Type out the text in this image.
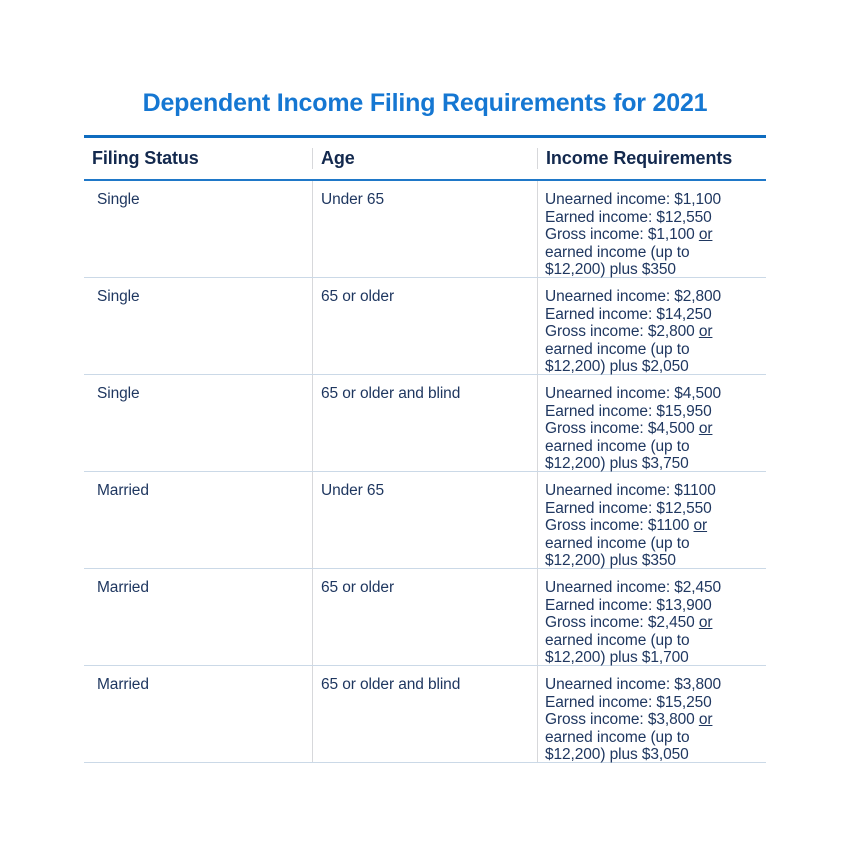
Dependent Income Filing Requirements for 2021
Filing Status	Age	Income Requirements
Single	Under 65	Unearned income: $1,100
Earned income: $12,550
Gross income: $1,100 or earned income (up to $12,200) plus $350
Single	65 or older	Unearned income: $2,800
Earned income: $14,250
Gross income: $2,800 or earned income (up to $12,200) plus $2,050
Single	65 or older and blind	Unearned income: $4,500
Earned income: $15,950
Gross income: $4,500 or earned income (up to $12,200) plus $3,750
Married	Under 65	Unearned income: $1100
Earned income: $12,550
Gross income: $1100 or earned income (up to $12,200) plus $350
Married	65 or older	Unearned income: $2,450
Earned income: $13,900
Gross income: $2,450 or earned income (up to $12,200) plus $1,700
Married	65 or older and blind	Unearned income: $3,800
Earned income: $15,250
Gross income: $3,800 or earned income (up to $12,200) plus $3,050
